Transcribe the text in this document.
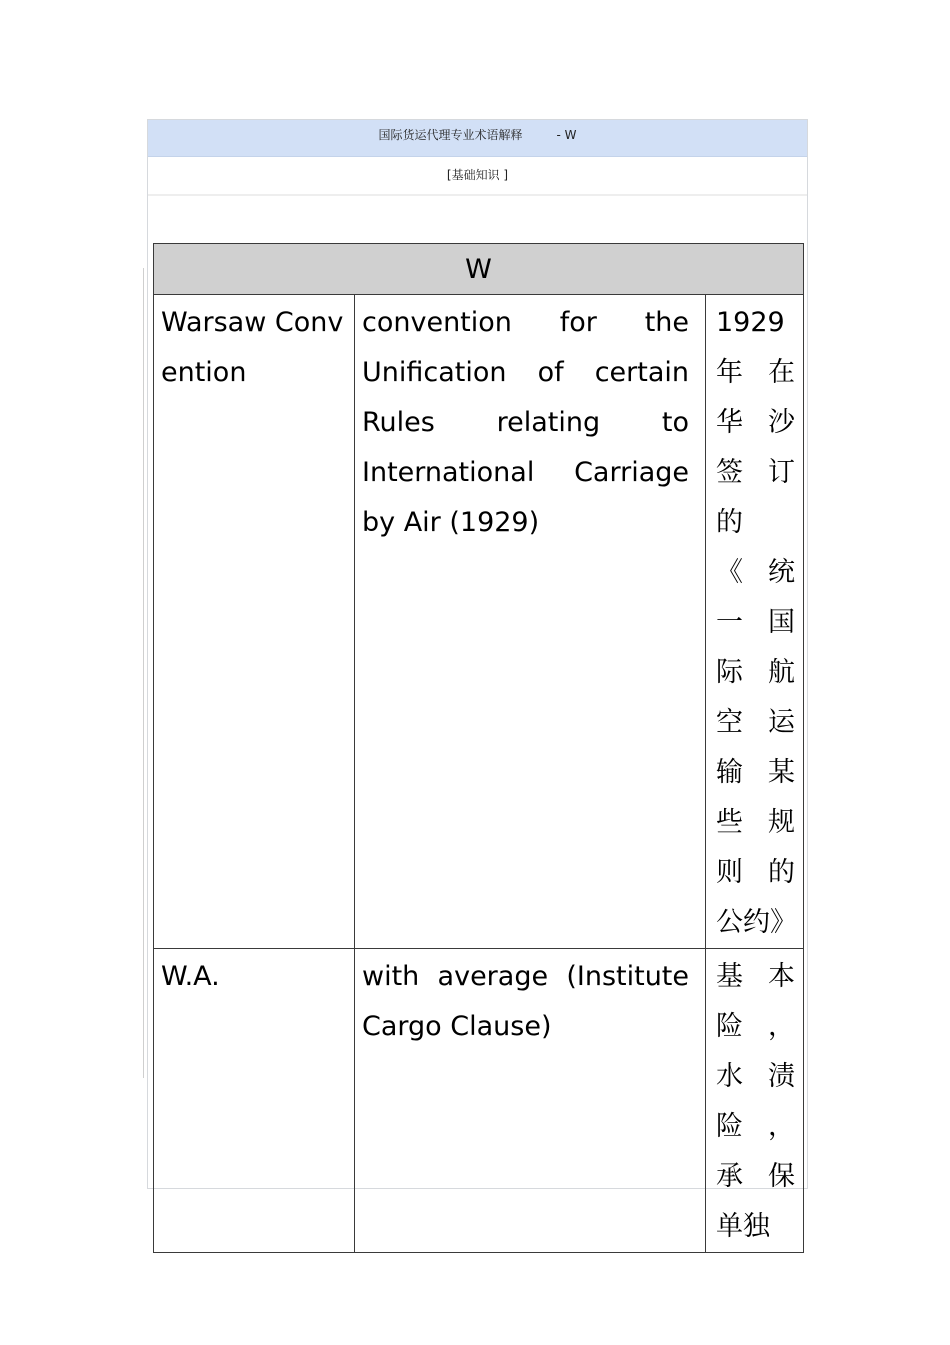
国际货运代理专业术语解释	- W
[基础知识 ]
W		

Warsaw Convention	convention for the Unification of certain Rules relating to International Carriage by Air (1929)	1929年在华沙签订的《统一国际航空运输某些规则的公约》

W.A.	with average (Institute Cargo Clause)	基本险，水渍险，承保单独
